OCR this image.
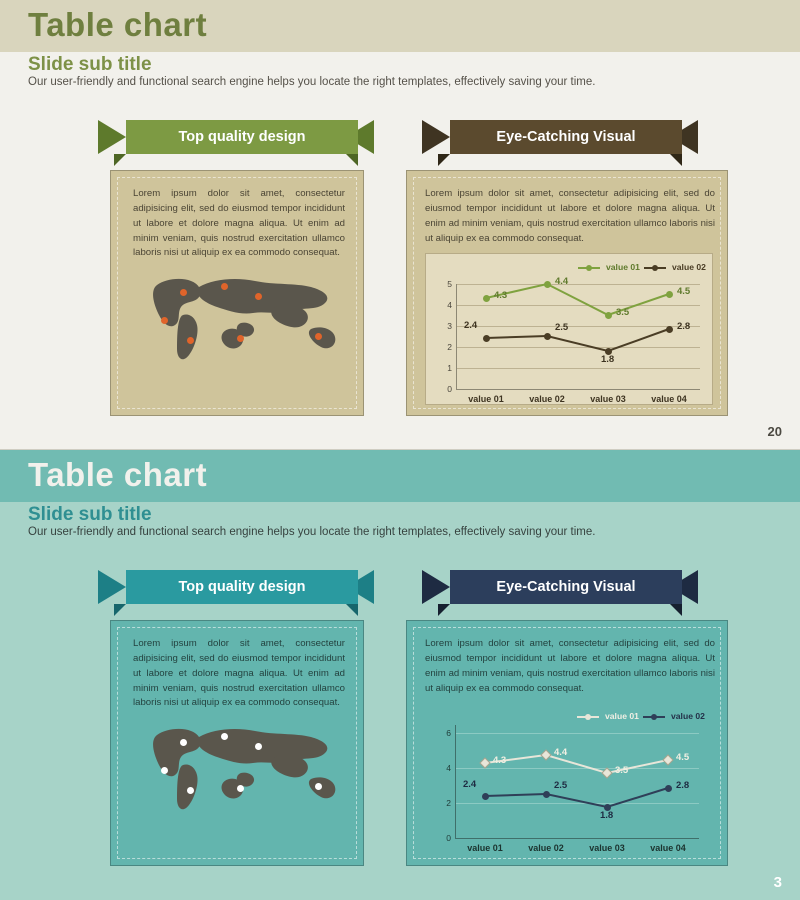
Table chart
Slide sub title
Our user-friendly and functional search engine helps you locate the right templates, effectively saving your time.
Top quality design	Eye-Catching Visual
Lorem ipsum dolor sit amet, consectetur adipisicing elit, sed do eiusmod tempor incididunt ut labore et dolore magna aliqua. Ut enim ad minim veniam, quis nostrud exercitation ullamco laboris nisi ut aliquip ex ea commodo consequat.
Lorem ipsum dolor sit amet, consectetur adipisicing elit, sed do eiusmod tempor incididunt ut labore et dolore magna aliqua. Ut enim ad minim veniam, quis nostrud exercitation ullamco laboris nisi ut aliquip ex ea commodo consequat.
value 01	value 02
5
4
3
2
1
0
4.3
4.4
3.5
4.5
2.4	2.5
1.8
2.8
value 01	value 02	value 03	value 04
20
Table chart
Slide sub title
Our user-friendly and functional search engine helps you locate the right templates, effectively saving your time.
Top quality design	Eye-Catching Visual
Lorem ipsum dolor sit amet, consectetur adipisicing elit, sed do eiusmod tempor incididunt ut labore et dolore magna aliqua. Ut enim ad minim veniam, quis nostrud exercitation ullamco laboris nisi ut aliquip ex ea commodo consequat.
Lorem ipsum dolor sit amet, consectetur adipisicing elit, sed do eiusmod tempor incididunt ut labore et dolore magna aliqua. Ut enim ad minim veniam, quis nostrud exercitation ullamco laboris nisi ut aliquip ex ea commodo consequat.
value 01	value 02
6
4
2
0
4.3
4.4
3.5
4.5
2.4	2.5
1.8
2.8
value 01	value 02	value 03	value 04
3
